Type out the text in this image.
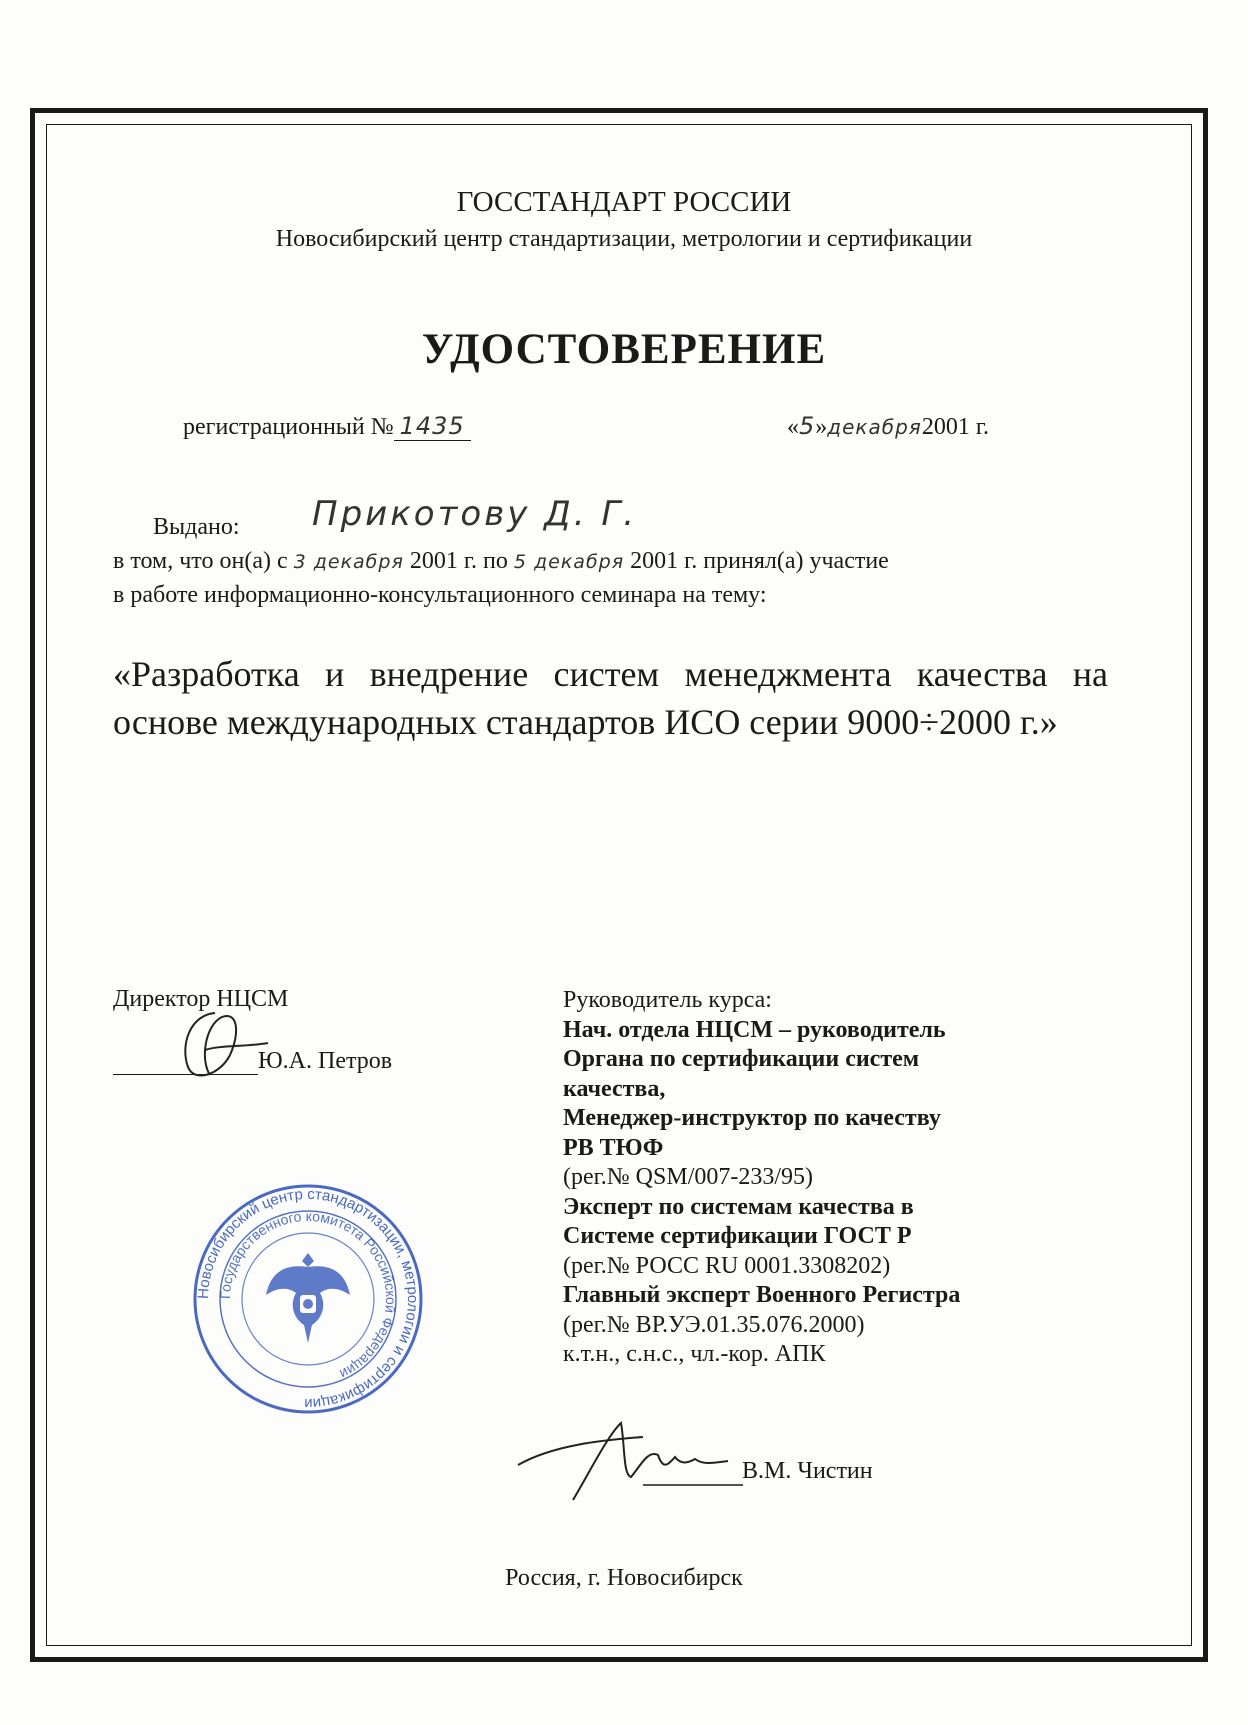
ГОССТАНДАРТ РОССИИ
Новосибирский центр стандартизации, метрологии и сертификации
УДОСТОВЕРЕНИЕ
регистрационный № 1435	«5»декабря2001 г.
Выдано: Прикотову Д. Г.
в том, что он(а) с 3 декабря 2001 г. по 5 декабря 2001 г. принял(а) участие
в работе информационно-консультационного семинара на тему:
«Разработка и внедрение систем менеджмента качества на основе международных стандартов ИСО серии 9000÷2000 г.»
Директор НЦСМ
Ю.А. Петров
Руководитель курса:
Нач. отдела НЦСМ – руководитель
Органа по сертификации систем
качества,
Менеджер-инструктор по качеству
РВ ТЮФ
(рег.№ QSM/007-233/95)
Эксперт по системам качества в
Системе сертификации ГОСТ Р
(рег.№ РОСС RU 0001.3308202)
Главный эксперт Военного Регистра
(рег.№ ВР.УЭ.01.35.076.2000)
к.т.н., с.н.с., чл.-кор. АПК
В.М. Чистин
Новосибирский центр стандартизации, метрологии и сертификации
Государственного комитета Российской Федерации
Россия, г. Новосибирск
